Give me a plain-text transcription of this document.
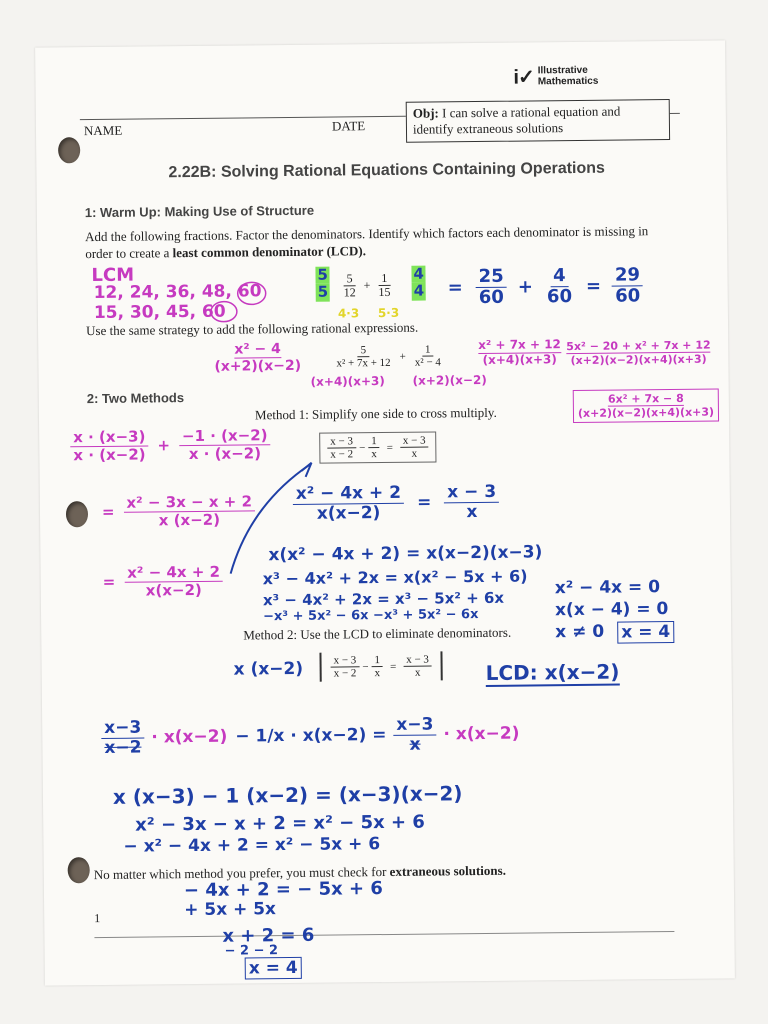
i✓ Illustrative
Mathematics
NAME	DATE
Obj: I can solve a rational equation and identify extraneous solutions
2.22B: Solving Rational Equations Containing Operations
1: Warm Up: Making Use of Structure
Add the following fractions. Factor the denominators. Identify which factors each denominator is missing in order to create a least common denominator (LCD).
$\frac{5}{12} + \frac{1}{15}$
Use the same strategy to add the following rational expressions.
$\frac{5}{\text{x² + 7x + 12}} + \frac{1}{\text{x² − 4}}$
2: Two Methods
Method 1: Simplify one side to cross multiply.
$\frac{x - 3}{x - 2} - \frac{1}{x} = \frac{x - 3}{x}$
Method 2: Use the LCD to eliminate denominators.
$\frac{x - 3}{x - 2} - \frac{1}{x} = \frac{x - 3}{x}$
No matter which method you prefer, you must check for extraneous solutions.
1
LCM
12, 24, 36, 48, 60
15, 30, 45, 60
5
5
4
4
4·3 5·3
= $\frac{25}{60} + \frac{4}{60} = \frac{29}{60}$
x² − 4
(x+2)(x−2)
(x+4)(x+3)
x² + 7x + 12
(x+4)(x+3)
(x+2)(x−2)
5x² − 20 + x² + 7x + 12
(x+2)(x−2)(x+4)(x+3)
6x² + 7x − 8
(x+2)(x−2)(x+4)(x+3)
$\frac{x \cdot (x-3)}{x \cdot (x-2)} + \frac{-1 \cdot (x-2)}{x \cdot (x-2)}$
= $\frac{\text{x² − 3x − x + 2}}{x (x-2)}$
= $\frac{\text{x² − 4x + 2}}{x(x-2)}$
$\frac{\text{x² − 4x + 2}}{x(x-2)} = \frac{x - 3}{x}$
x(x² − 4x + 2) = x(x−2)(x−3)
x³ − 4x² + 2x = x(x² − 5x + 6)
x³ − 4x² + 2x = x³ − 5x² + 6x
−x³ + 5x² − 6x −x³ + 5x² − 6x
x² − 4x = 0
x(x − 4) = 0
x ≠ 0 x = 4
x (x−2)	LCD: x(x−2)
$\frac{x-3}{x-2} \cdot x(x-2) - 1/x \cdot x(x-2) = \frac{x-3}{x} \cdot x(x-2)$
x (x−3) − 1 (x−2) = (x−3)(x−2)
x² − 3x − x + 2 = x² − 5x + 6
− x² − 4x + 2 = x² − 5x + 6
− 4x + 2 = − 5x + 6
+ 5x + 5x
x + 2 = 6
− 2 − 2
x = 4
